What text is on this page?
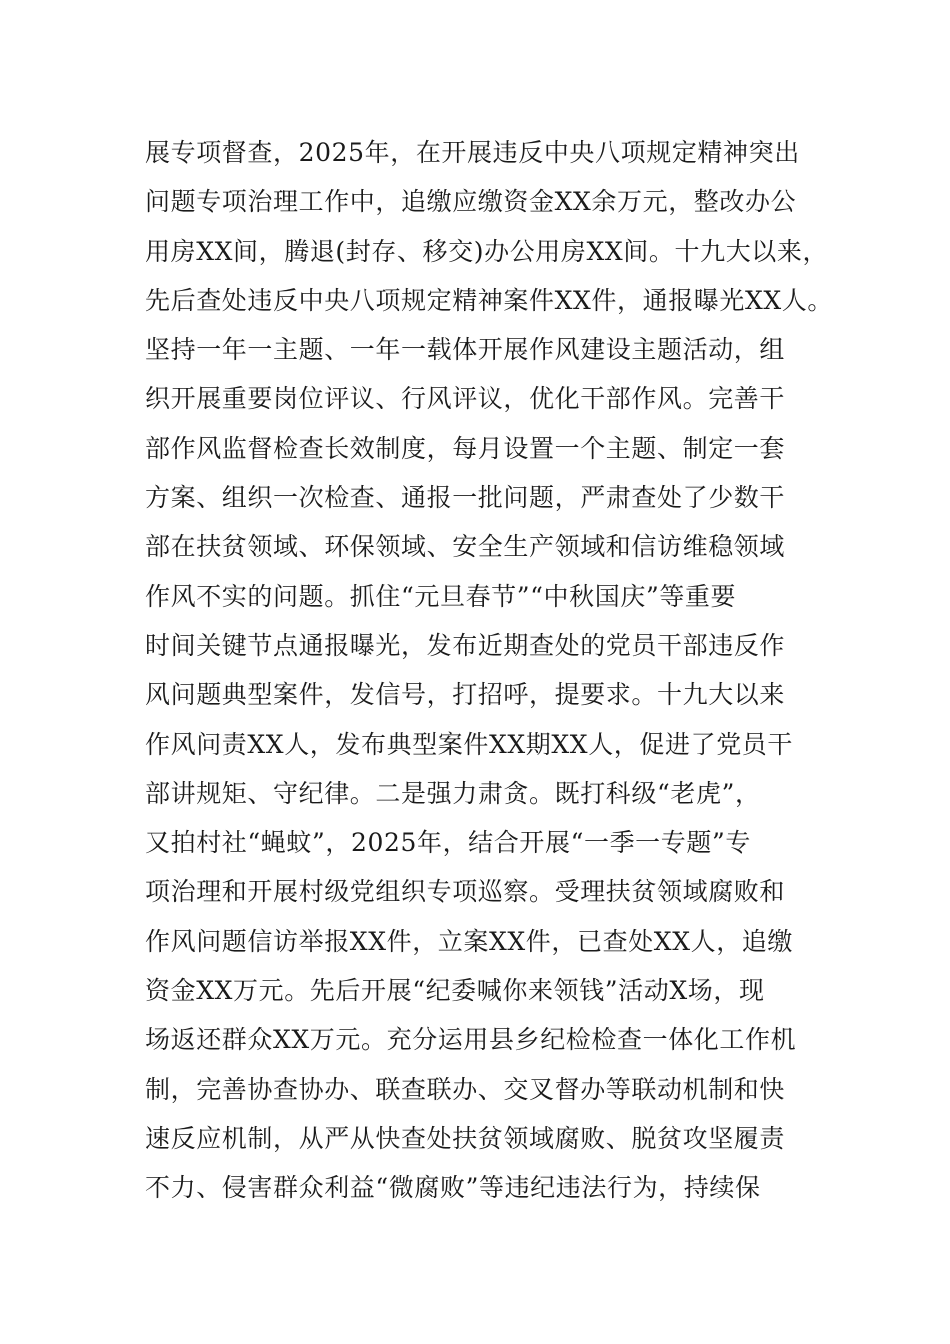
展专项督查，2025年，在开展违反中央八项规定精神突出
问题专项治理工作中，追缴应缴资金XX余万元，整改办公
用房XX间，腾退(封存、移交)办公用房XX间。十九大以来，
先后查处违反中央八项规定精神案件XX件，通报曝光XX人。
坚持一年一主题、一年一载体开展作风建设主题活动，组
织开展重要岗位评议、行风评议，优化干部作风。完善干
部作风监督检查长效制度，每月设置一个主题、制定一套
方案、组织一次检查、通报一批问题，严肃查处了少数干
部在扶贫领域、环保领域、安全生产领域和信访维稳领域
作风不实的问题。抓住“元旦春节”“中秋国庆”等重要
时间关键节点通报曝光，发布近期查处的党员干部违反作
风问题典型案件，发信号，打招呼，提要求。十九大以来
作风问责XX人，发布典型案件XX期XX人，促进了党员干
部讲规矩、守纪律。二是强力肃贪。既打科级“老虎”，
又拍村社“蝇蚊”，2025年，结合开展“一季一专题”专
项治理和开展村级党组织专项巡察。受理扶贫领域腐败和
作风问题信访举报XX件，立案XX件，已查处XX人，追缴
资金XX万元。先后开展“纪委喊你来领钱”活动X场，现
场返还群众XX万元。充分运用县乡纪检检查一体化工作机
制，完善协查协办、联查联办、交叉督办等联动机制和快
速反应机制，从严从快查处扶贫领域腐败、脱贫攻坚履责
不力、侵害群众利益“微腐败”等违纪违法行为，持续保
